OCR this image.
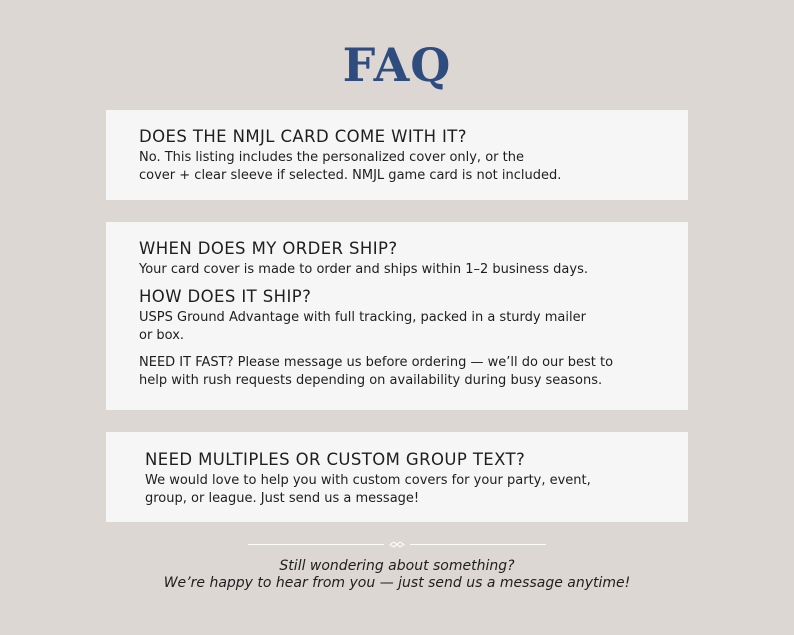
FAQ

DOES THE NMJL CARD COME WITH IT?

No. This listing includes the personalized cover only, or the
cover + clear sleeve if selected. NMJL game card is not included.

WHEN DOES MY ORDER SHIP?

Your card cover is made to order and ships within 1–2 business days.

HOW DOES IT SHIP?

USPS Ground Advantage with full tracking, packed in a sturdy mailer
or box.

NEED IT FAST? Please message us before ordering — we’ll do our best to
help with rush requests depending on availability during busy seasons.

NEED MULTIPLES OR CUSTOM GROUP TEXT?

We would love to help you with custom covers for your party, event,
group, or league. Just send us a message!

Still wondering about something?

We’re happy to hear from you — just send us a message anytime!
